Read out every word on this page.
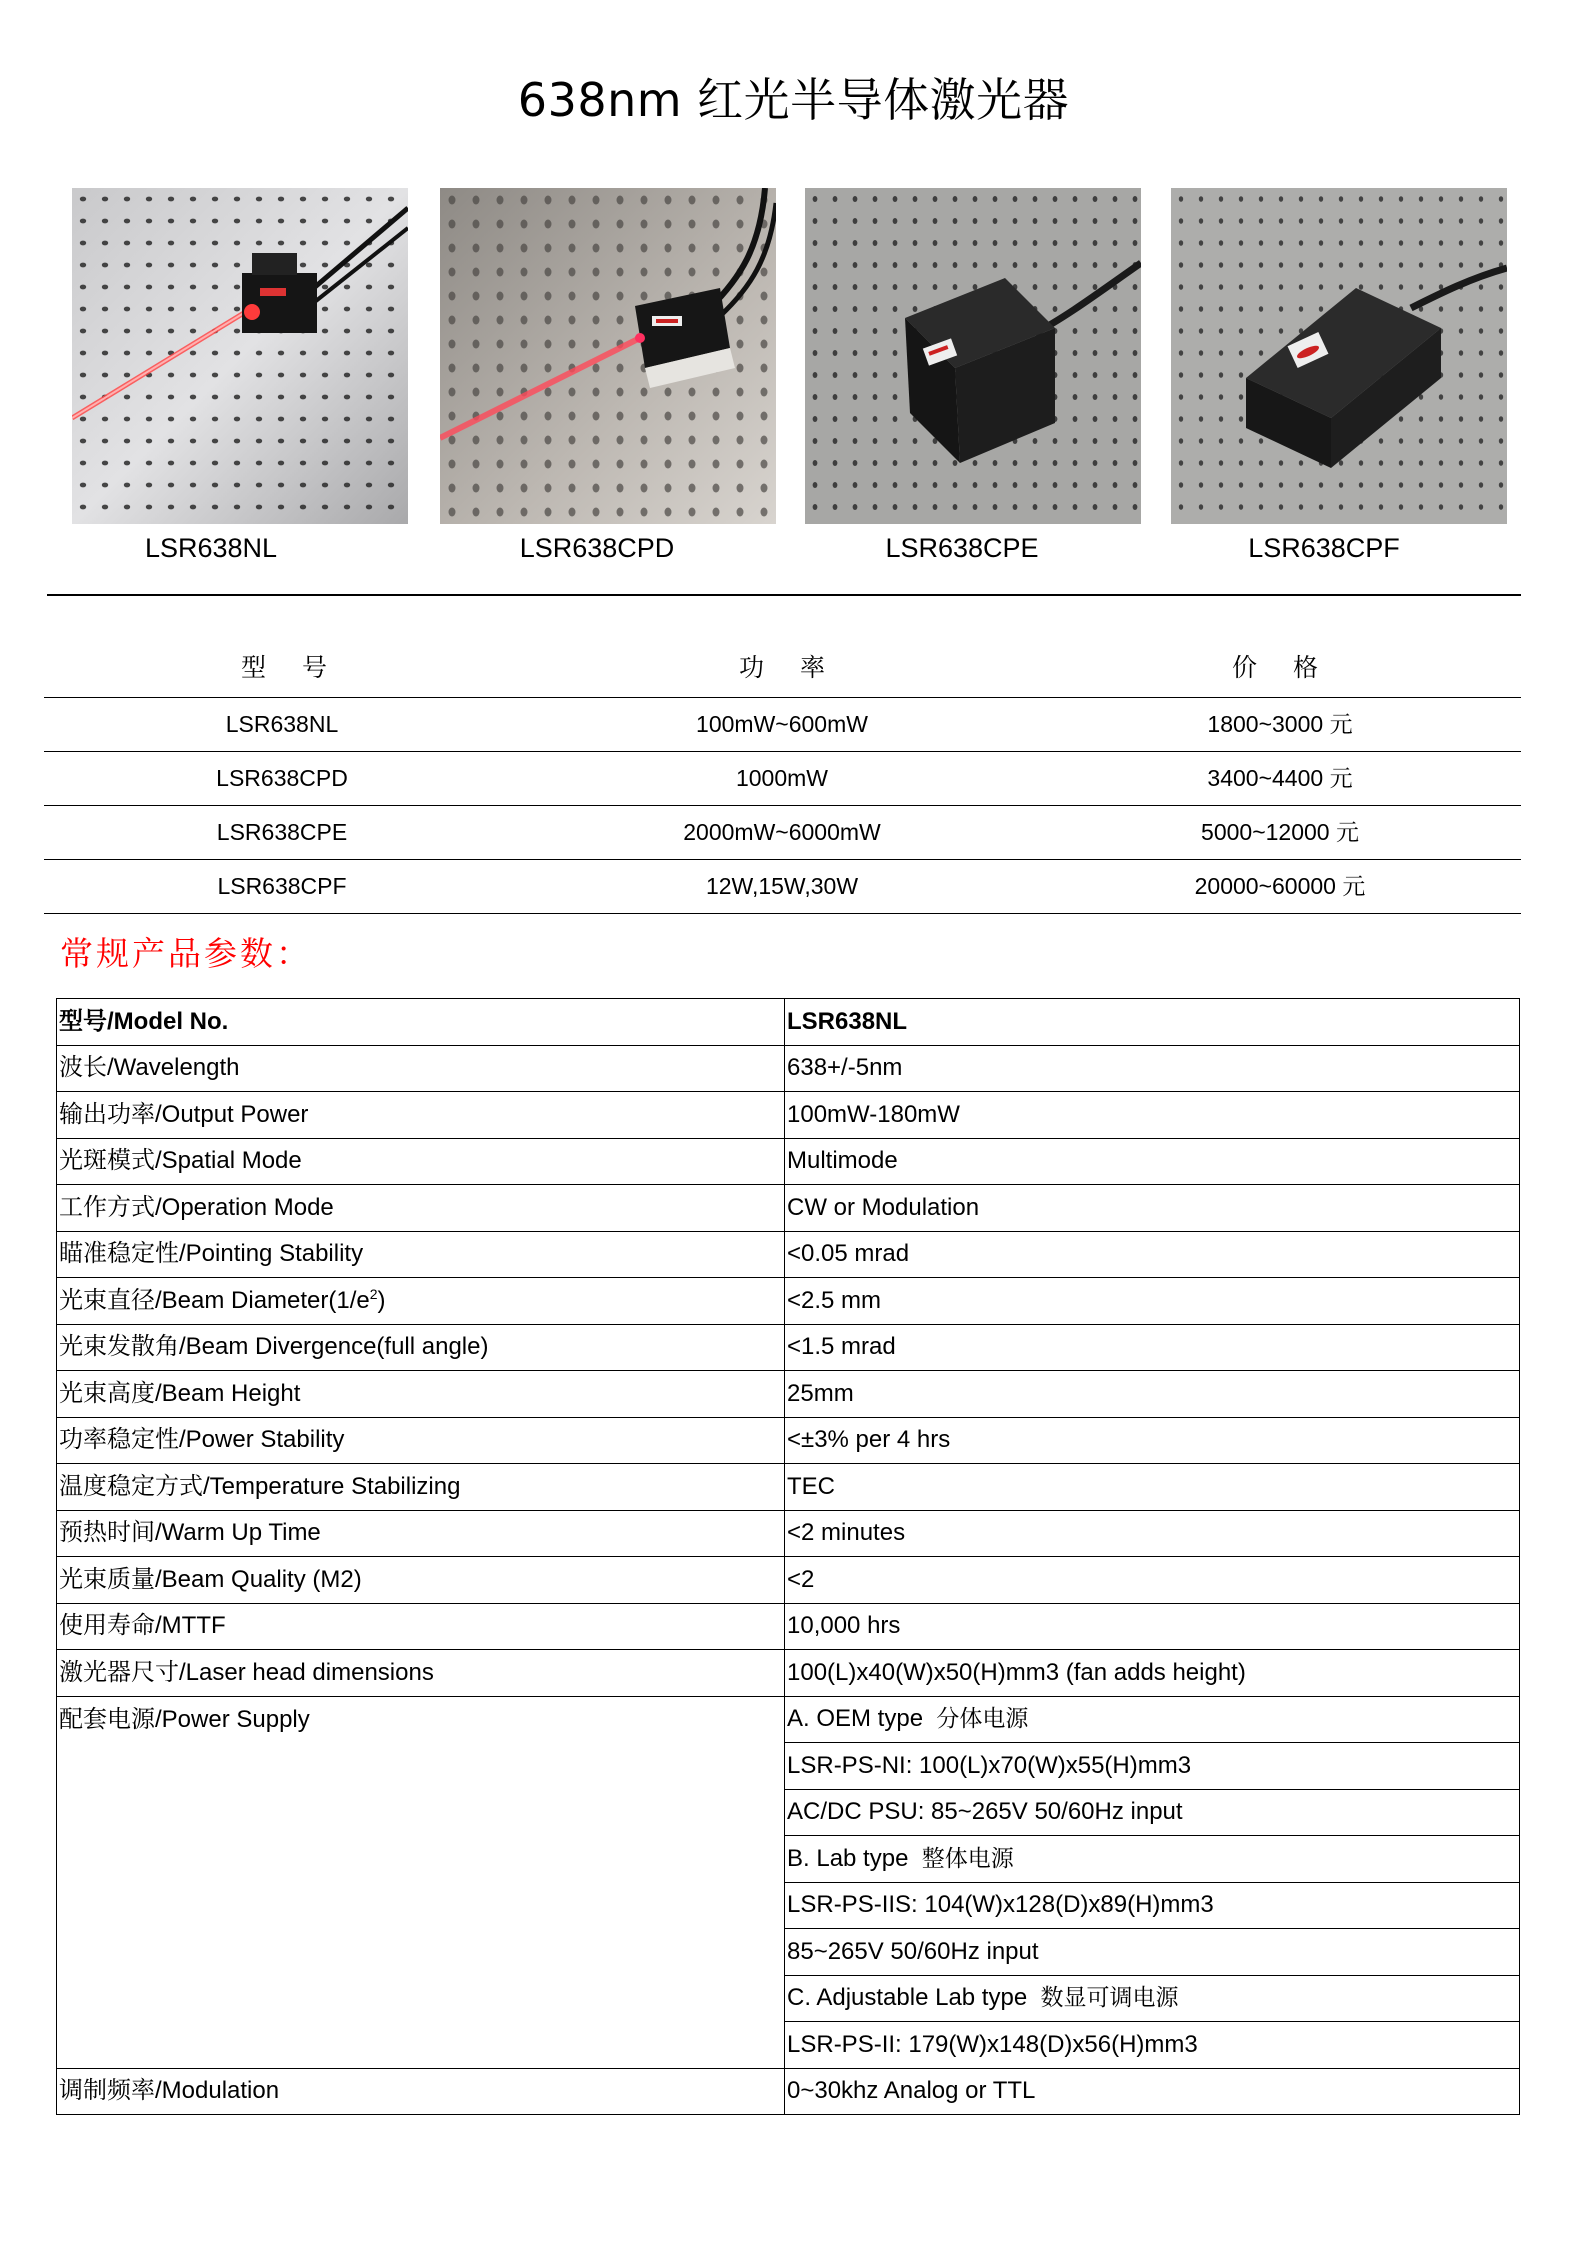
638nm 红光半导体激光器
LSR638NL	LSR638CPD	LSR638CPE	LSR638CPF
型 号	功 率	价 格
LSR638NL	100mW~600mW	1800~3000 元
LSR638CPD	1000mW	3400~4400 元
LSR638CPE	2000mW~6000mW	5000~12000 元
LSR638CPF	12W,15W,30W	20000~60000 元
常规产品参数：
型号/Model No.	LSR638NL
波长/Wavelength	638+/-5nm
输出功率/Output Power	100mW-180mW
光斑模式/Spatial Mode	Multimode
工作方式/Operation Mode	CW or Modulation
瞄准稳定性/Pointing Stability	<0.05 mrad
光束直径/Beam $Diameter(1/e^2)$	<2.5 mm
光束发散角/Beam Divergence(full angle)	<1.5 mrad
光束高度/Beam Height	25mm
功率稳定性/Power Stability	<±3% per 4 hrs
温度稳定方式/Temperature Stabilizing	TEC
预热时间/Warm Up Time	<2 minutes
光束质量/Beam Quality (M2)	<2
使用寿命/MTTF	10,000 hrs
激光器尺寸/Laser head dimensions	100(L)x40(W)x50(H)mm3 (fan adds height)
配套电源/Power Supply	A. OEM type 分体电源
	LSR-PS-NI: 100(L)x70(W)x55(H)mm3
	AC/DC PSU: 85~265V 50/60Hz input
	B. Lab type 整体电源
	LSR-PS-IIS: 104(W)x128(D)x89(H)mm3
	85~265V 50/60Hz input
	C. Adjustable Lab type 数显可调电源
	LSR-PS-II: 179(W)x148(D)x56(H)mm3
调制频率/Modulation	0~30khz Analog or TTL
